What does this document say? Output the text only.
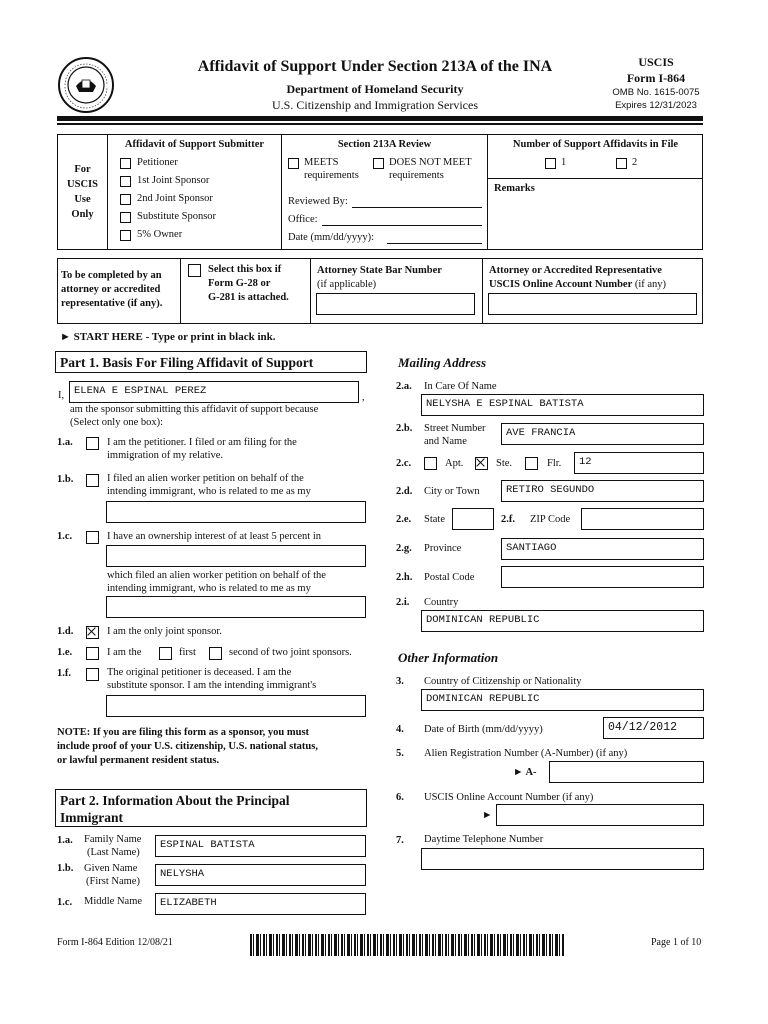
Affidavit of Support Under Section 213A of the INA
Department of Homeland Security
U.S. Citizenship and Immigration Services
USCIS
Form I-864
OMB No. 1615-0075
Expires 12/31/2023
For
USCIS
Use
Only
Affidavit of Support Submitter
Petitioner
1st Joint Sponsor
2nd Joint Sponsor
Substitute Sponsor
5% Owner
Section 213A Review
MEETS
requirements
DOES NOT MEET
requirements
Reviewed By:
Office:
Date (mm/dd/yyyy):
Number of Support Affidavits in File
1	2
Remarks
To be completed by an
attorney or accredited
representative (if any).
Select this box if
Form G-28 or
G-281 is attached.
Attorney State Bar Number
(if applicable)
Attorney or Accredited Representative
USCIS Online Account Number (if any)
► START HERE - Type or print in black ink.
Part 1. Basis For Filing Affidavit of Support
I, ELENA E ESPINAL PEREZ
,
am the sponsor submitting this affidavit of support because
(Select only one box):
1.a.	I am the petitioner. I filed or am filing for the
immigration of my relative.
1.b.	I filed an alien worker petition on behalf of the
intending immigrant, who is related to me as my
1.c.	I have an ownership interest of at least 5 percent in
which filed an alien worker petition on behalf of the
intending immigrant, who is related to me as my
1.d.	I am the only joint sponsor.
1.e.	I am the	first	second of two joint sponsors.
1.f.	The original petitioner is deceased. I am the
substitute sponsor. I am the intending immigrant's
NOTE: If you are filing this form as a sponsor, you must
include proof of your U.S. citizenship, U.S. national status,
or lawful permanent resident status.
Part 2. Information About the Principal
Immigrant
1.a. Family Name
(Last Name)
ESPINAL BATISTA
1.b. Given Name
(First Name)
NELYSHA
1.c. Middle Name	ELIZABETH
Mailing Address
2.a. In Care Of Name
NELYSHA E ESPINAL BATISTA
2.b. Street Number
and Name
AVE FRANCIA
2.c.	Apt.	Ste.	Flr.	12
2.d. City or Town	RETIRO SEGUNDO
2.e. State	2.f. ZIP Code
2.g. Province	SANTIAGO
2.h. Postal Code
2.i. Country
DOMINICAN REPUBLIC
Other Information
3. Country of Citizenship or Nationality
DOMINICAN REPUBLIC
4. Date of Birth (mm/dd/yyyy)	04/12/2012
5. Alien Registration Number (A-Number) (if any)
► A-
6. USCIS Online Account Number (if any)
►
7. Daytime Telephone Number
Form I-864 Edition 12/08/21	Page 1 of 10
